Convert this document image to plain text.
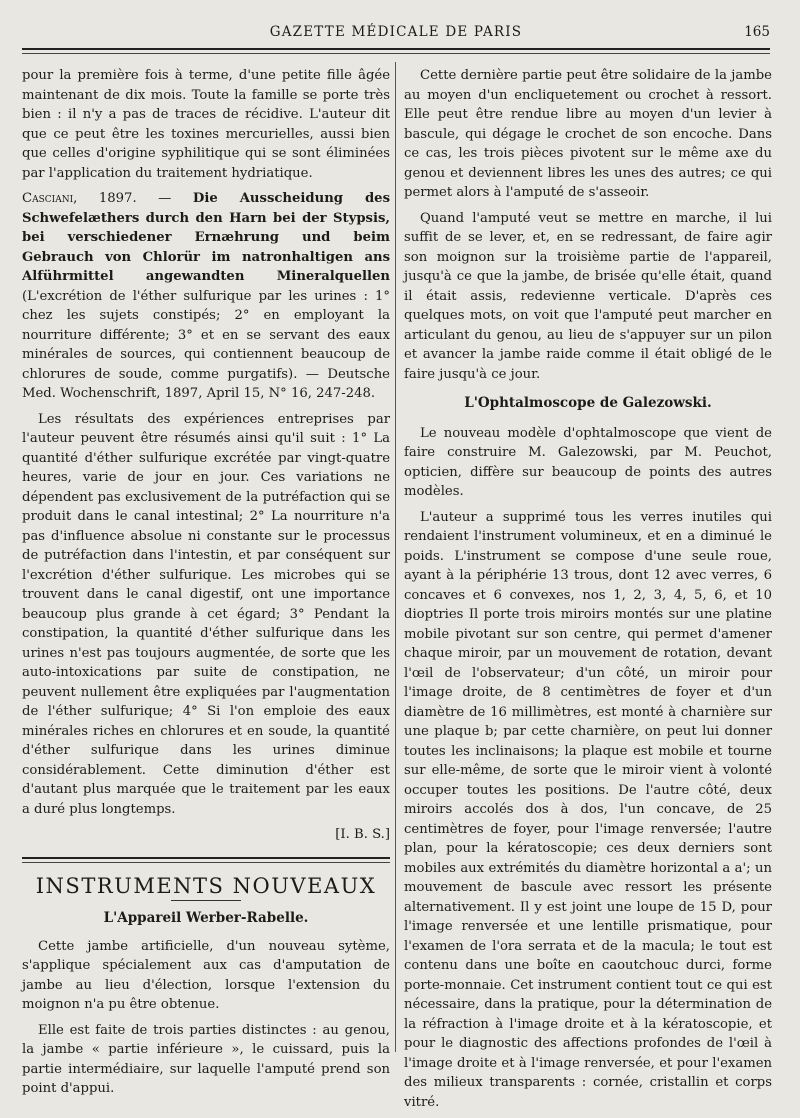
GAZETTE MÉDICALE DE PARIS	165

pour la première fois à terme, d'une petite fille âgée maintenant de dix mois. Toute la famille se porte très bien : il n'y a pas de traces de récidive. L'auteur dit que ce peut être les toxines mercurielles, aussi bien que celles d'origine syphilitique qui se sont éliminées par l'application du traitement hydriatique.

Casciani, 1897. — Die Ausscheidung des Schwefelæthers durch den Harn bei der Stypsis, bei verschiedener Ernæhrung und beim Gebrauch von Chlorür im natronhaltigen ans Alführmittel angewandten Mineralquellen (L'excrétion de l'éther sulfurique par les urines : 1° chez les sujets constipés; 2° en employant la nourriture différente; 3° et en se servant des eaux minérales de sources, qui contiennent beaucoup de chlorures de soude, comme purgatifs). — Deutsche Med. Wochenschrift, 1897, April 15, N° 16, 247-248.

Les résultats des expériences entreprises par l'auteur peuvent être résumés ainsi qu'il suit : 1° La quantité d'éther sulfurique excrétée par vingt-quatre heures, varie de jour en jour. Ces variations ne dépendent pas exclusivement de la putréfaction qui se produit dans le canal intestinal; 2° La nourriture n'a pas d'influence absolue ni constante sur le processus de putréfaction dans l'intestin, et par conséquent sur l'excrétion d'éther sulfurique. Les microbes qui se trouvent dans le canal digestif, ont une importance beaucoup plus grande à cet égard; 3° Pendant la constipation, la quantité d'éther sulfurique dans les urines n'est pas toujours augmentée, de sorte que les auto-intoxications par suite de constipation, ne peuvent nullement être expliquées par l'augmentation de l'éther sulfurique; 4° Si l'on emploie des eaux minérales riches en chlorures et en soude, la quantité d'éther sulfurique dans les urines diminue considérablement. Cette diminution d'éther est d'autant plus marquée que le traitement par les eaux a duré plus longtemps.

[I. B. S.]

INSTRUMENTS NOUVEAUX
L'Appareil Werber-Rabelle.

Cette jambe artificielle, d'un nouveau sytème, s'applique spécialement aux cas d'amputation de jambe au lieu d'élection, lorsque l'extension du moignon n'a pu être obtenue.

Elle est faite de trois parties distinctes : au genou, la jambe « partie inférieure », le cuissard, puis la partie intermédiaire, sur laquelle l'amputé prend son point d'appui.

Cette dernière partie peut être solidaire de la jambe au moyen d'un encliquetement ou crochet à ressort. Elle peut être rendue libre au moyen d'un levier à bascule, qui dégage le crochet de son encoche. Dans ce cas, les trois pièces pivotent sur le même axe du genou et deviennent libres les unes des autres; ce qui permet alors à l'amputé de s'asseoir.

Quand l'amputé veut se mettre en marche, il lui suffit de se lever, et, en se redressant, de faire agir son moignon sur la troisième partie de l'appareil, jusqu'à ce que la jambe, de brisée qu'elle était, quand il était assis, redevienne verticale. D'après ces quelques mots, on voit que l'amputé peut marcher en articulant du genou, au lieu de s'appuyer sur un pilon et avancer la jambe raide comme il était obligé de le faire jusqu'à ce jour.

L'Ophtalmoscope de Galezowski.

Le nouveau modèle d'ophtalmoscope que vient de faire construire M. Galezowski, par M. Peuchot, opticien, diffère sur beaucoup de points des autres modèles.

L'auteur a supprimé tous les verres inutiles qui rendaient l'instrument volumineux, et en a diminué le poids. L'instrument se compose d'une seule roue, ayant à la périphérie 13 trous, dont 12 avec verres, 6 concaves et 6 convexes, nos 1, 2, 3, 4, 5, 6, et 10 dioptries Il porte trois miroirs montés sur une platine mobile pivotant sur son centre, qui permet d'amener chaque miroir, par un mouvement de rotation, devant l'œil de l'observateur; d'un côté, un miroir pour l'image droite, de 8 centimètres de foyer et d'un diamètre de 16 millimètres, est monté à charnière sur une plaque b; par cette charnière, on peut lui donner toutes les inclinaisons; la plaque est mobile et tourne sur elle-même, de sorte que le miroir vient à volonté occuper toutes les positions. De l'autre côté, deux miroirs accolés dos à dos, l'un concave, de 25 centimètres de foyer, pour l'image renversée; l'autre plan, pour la kératoscopie; ces deux derniers sont mobiles aux extrémités du diamètre horizontal a a'; un mouvement de bascule avec ressort les présente alternativement. Il y est joint une loupe de 15 D, pour l'image renversée et une lentille prismatique, pour l'examen de l'ora serrata et de la macula; le tout est contenu dans une boîte en caoutchouc durci, forme porte-monnaie. Cet instrument contient tout ce qui est nécessaire, dans la pratique, pour la détermination de la réfraction à l'image droite et à la kératoscopie, et pour le diagnostic des affections profondes de l'œil à l'image droite et à l'image renversée, et pour l'examen des milieux transparents : cornée, cristallin et corps vitré.
